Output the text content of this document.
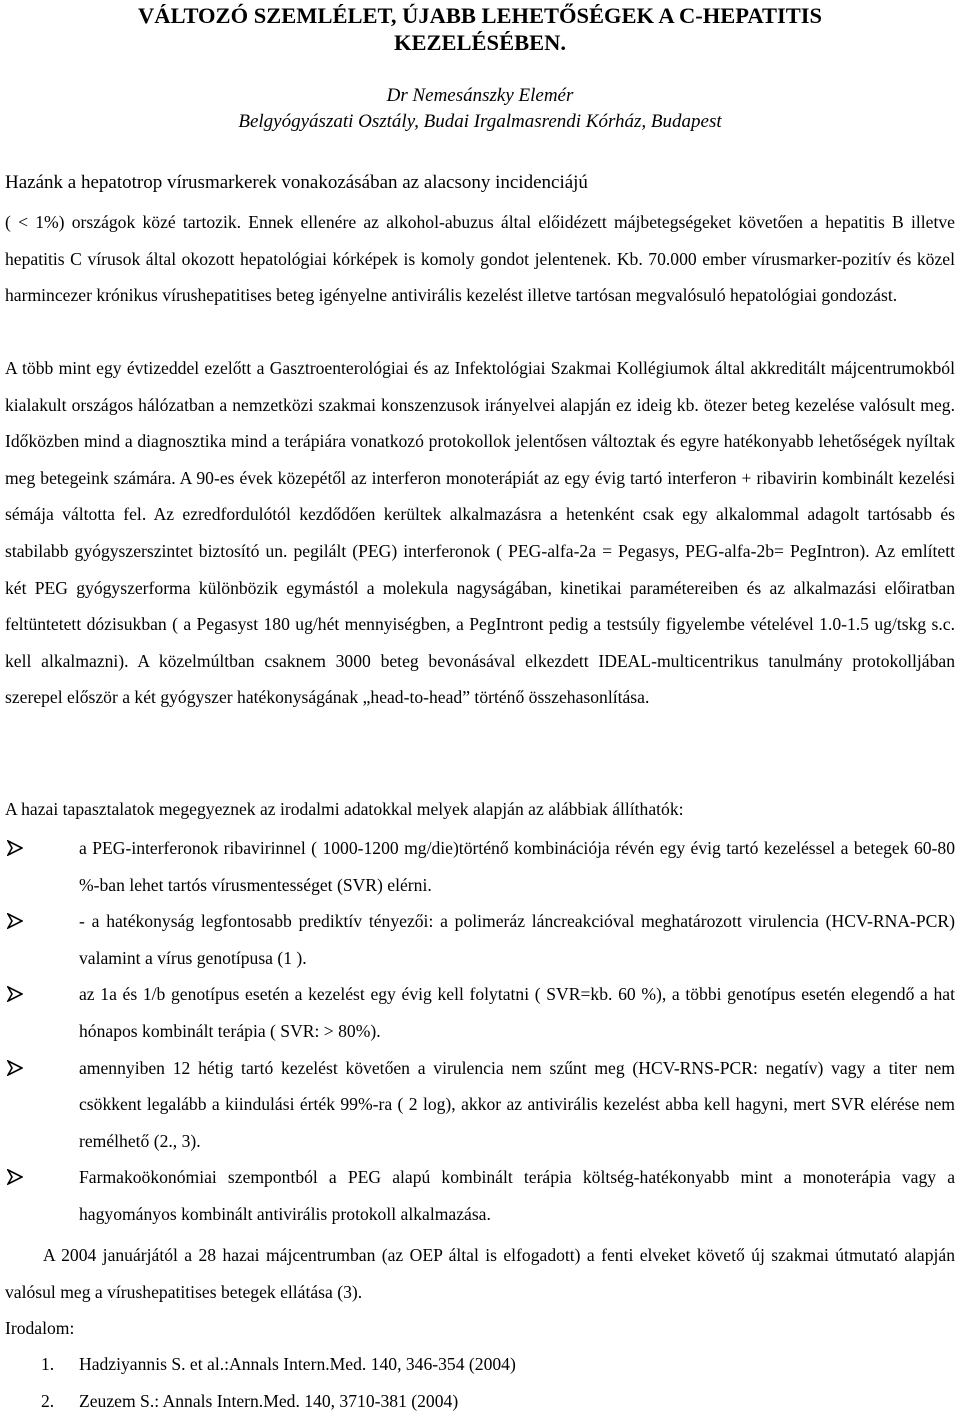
VÁLTOZÓ SZEMLÉLET, ÚJABB LEHETŐSÉGEK A C-HEPATITIS
KEZELÉSÉBEN.
Dr Nemesánszky Elemér
Belgyógyászati Osztály, Budai Irgalmasrendi Kórház, Budapest
Hazánk a hepatotrop vírusmarkerek vonakozásában az alacsony incidenciájú

( < 1%) országok közé tartozik. Ennek ellenére az alkohol-abuzus által előidézett májbetegségeket követően a hepatitis B illetve hepatitis C vírusok által okozott hepatológiai kórképek is komoly gondot jelentenek. Kb. 70.000 ember vírusmarker-pozitív és közel harmincezer krónikus vírushepatitises beteg igényelne antivirális kezelést illetve tartósan megvalósuló hepatológiai gondozást.

A több mint egy évtizeddel ezelőtt a Gasztroenterológiai és az Infektológiai Szakmai Kollégiumok által akkreditált májcentrumokból kialakult országos hálózatban a nemzetközi szakmai konszenzusok irányelvei alapján ez ideig kb. ötezer beteg kezelése valósult meg. Időközben mind a diagnosztika mind a terápiára vonatkozó protokollok jelentősen változtak és egyre hatékonyabb lehetőségek nyíltak meg betegeink számára. A 90-es évek közepétől az interferon monoterápiát az egy évig tartó interferon + ribavirin kombinált kezelési sémája váltotta fel. Az ezredfordulótól kezdődően kerültek alkalmazásra a hetenként csak egy alkalommal adagolt tartósabb és stabilabb gyógyszerszintet biztosító un. pegilált (PEG) interferonok ( PEG-alfa-2a = Pegasys, PEG-alfa-2b= PegIntron). Az említett két PEG gyógyszerforma különbözik egymástól a molekula nagyságában, kinetikai paramétereiben és az alkalmazási előiratban feltüntetett dózisukban ( a Pegasyst 180 ug/hét mennyiségben, a PegIntront pedig a testsúly figyelembe vételével 1.0-1.5 ug/tskg s.c. kell alkalmazni). A közelmúltban csaknem 3000 beteg bevonásával elkezdett IDEAL-multicentrikus tanulmány protokolljában szerepel először a két gyógyszer hatékonyságának „head-to-head” történő összehasonlítása.

A hazai tapasztalatok megegyeznek az irodalmi adatokkal melyek alapján az alábbiak állíthatók:
a PEG-interferonok ribavirinnel ( 1000-1200 mg/die)történő kombinációja révén egy évig tartó kezeléssel a betegek 60-80 %-ban lehet tartós vírusmentességet (SVR) elérni.
- a hatékonyság legfontosabb prediktív tényezői: a polimeráz láncreakcióval meghatározott virulencia (HCV-RNA-PCR) valamint a vírus genotípusa (1 ).
az 1a és 1/b genotípus esetén a kezelést egy évig kell folytatni ( SVR=kb. 60 %), a többi genotípus esetén elegendő a hat hónapos kombinált terápia ( SVR: > 80%).
amennyiben 12 hétig tartó kezelést követően a virulencia nem szűnt meg (HCV-RNS-PCR: negatív) vagy a titer nem csökkent legalább a kiindulási érték 99%-ra ( 2 log), akkor az antivirális kezelést abba kell hagyni, mert SVR elérése nem remélhető (2., 3).
Farmakoökonómiai szempontból a PEG alapú kombinált terápia költség-hatékonyabb mint a monoterápia vagy a hagyományos kombinált antivirális protokoll alkalmazása.

A 2004 januárjától a 28 hazai májcentrumban (az OEP által is elfogadott) a fenti elveket követő új szakmai útmutató alapján valósul meg a vírushepatitises betegek ellátása (3).

Irodalom:
1. Hadziyannis S. et al.:Annals Intern.Med. 140, 346-354 (2004)
2. Zeuzem S.: Annals Intern.Med. 140, 3710-381 (2004)
